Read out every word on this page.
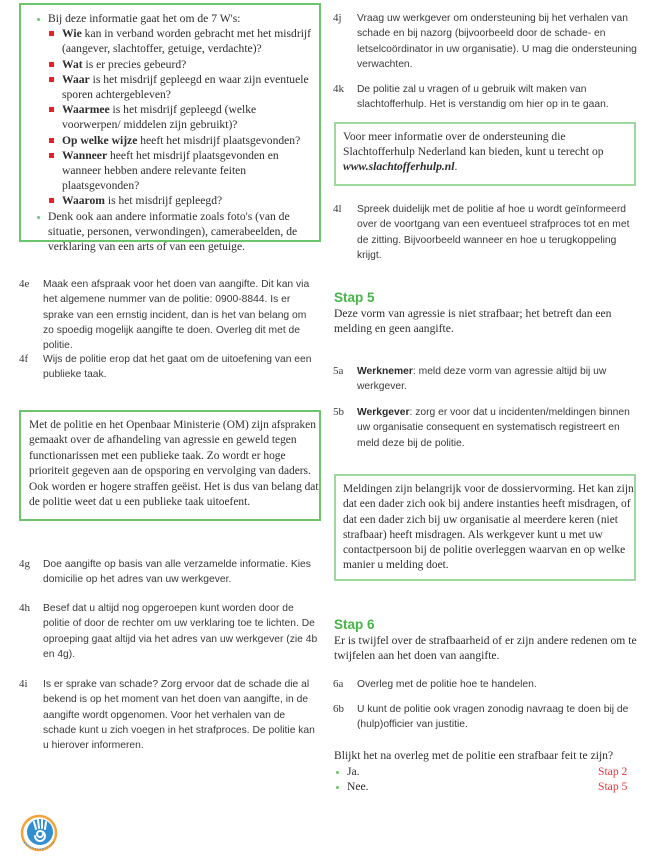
Bij deze informatie gaat het om de 7 W's:
Wie kan in verband worden gebracht met het misdrijf (aangever, slachtoffer, getuige, verdachte)?
Wat is er precies gebeurd?
Waar is het misdrijf gepleegd en waar zijn eventuele sporen achtergebleven?
Waarmee is het misdrijf gepleegd (welke voorwerpen/ middelen zijn gebruikt)?
Op welke wijze heeft het misdrijf plaatsgevonden?
Wanneer heeft het misdrijf plaatsgevonden en wanneer hebben andere relevante feiten plaatsgevonden?
Waarom is het misdrijf gepleegd?
Denk ook aan andere informatie zoals foto's (van de situatie, personen, verwondingen), camerabeelden, de verklaring van een arts of van een getuige.
4e	Maak een afspraak voor het doen van aangifte. Dit kan via het algemene nummer van de politie: 0900-8844. Is er sprake van een ernstig incident, dan is het van belang om zo spoedig mogelijk aangifte te doen. Overleg dit met de politie.
4f	Wijs de politie erop dat het gaat om de uitoefening van een publieke taak.
Met de politie en het Openbaar Ministerie (OM) zijn afspraken gemaakt over de afhandeling van agressie en geweld tegen functionarissen met een publieke taak. Zo wordt er hoge prioriteit gegeven aan de opsporing en vervolging van daders. Ook worden er hogere straffen geëist. Het is dus van belang dat de politie weet dat u een publieke taak uitoefent.
4g	Doe aangifte op basis van alle verzamelde informatie. Kies domicilie op het adres van uw werkgever.
4h	Besef dat u altijd nog opgeroepen kunt worden door de politie of door de rechter om uw verklaring toe te lichten. De oproeping gaat altijd via het adres van uw werkgever (zie 4b en 4g).
4i	Is er sprake van schade? Zorg ervoor dat de schade die al bekend is op het moment van het doen van aangifte, in de aangifte wordt opgenomen. Voor het verhalen van de schade kunt u zich voegen in het strafproces. De politie kan u hierover informeren.
4j	Vraag uw werkgever om ondersteuning bij het verhalen van schade en bij nazorg (bijvoorbeeld door de schade- en letselcoördinator in uw organisatie). U mag die ondersteuning verwachten.
4k	De politie zal u vragen of u gebruik wilt maken van slachtofferhulp. Het is verstandig om hier op in te gaan.
Voor meer informatie over de ondersteuning die Slachtofferhulp Nederland kan bieden, kunt u terecht op www.slachtofferhulp.nl.
4l	Spreek duidelijk met de politie af hoe u wordt geïnformeerd over de voortgang van een eventueel strafproces tot en met de zitting. Bijvoorbeeld wanneer en hoe u terugkoppeling krijgt.
Stap 5
Deze vorm van agressie is niet strafbaar; het betreft dan een melding en geen aangifte.
5a	Werknemer: meld deze vorm van agressie altijd bij uw werkgever.
5b	Werkgever: zorg er voor dat u incidenten/meldingen binnen uw organisatie consequent en systematisch registreert en meld deze bij de politie.
Meldingen zijn belangrijk voor de dossiervorming. Het kan zijn dat een dader zich ook bij andere instanties heeft misdragen, of dat een dader zich bij uw organisatie al meerdere keren (niet strafbaar) heeft misdragen. Als werkgever kunt u met uw contactpersoon bij de politie overleggen waarvan en op welke manier u melding doet.
Stap 6
Er is twijfel over de strafbaarheid of er zijn andere redenen om te twijfelen aan het doen van aangifte.
6a	Overleg met de politie hoe te handelen.
6b	U kunt de politie ook vragen zonodig navraag te doen bij de (hulp)officier van justitie.
Blijkt het na overleg met de politie een strafbaar feit te zijn?
Ja.	Stap 2
Nee.	Stap 5
